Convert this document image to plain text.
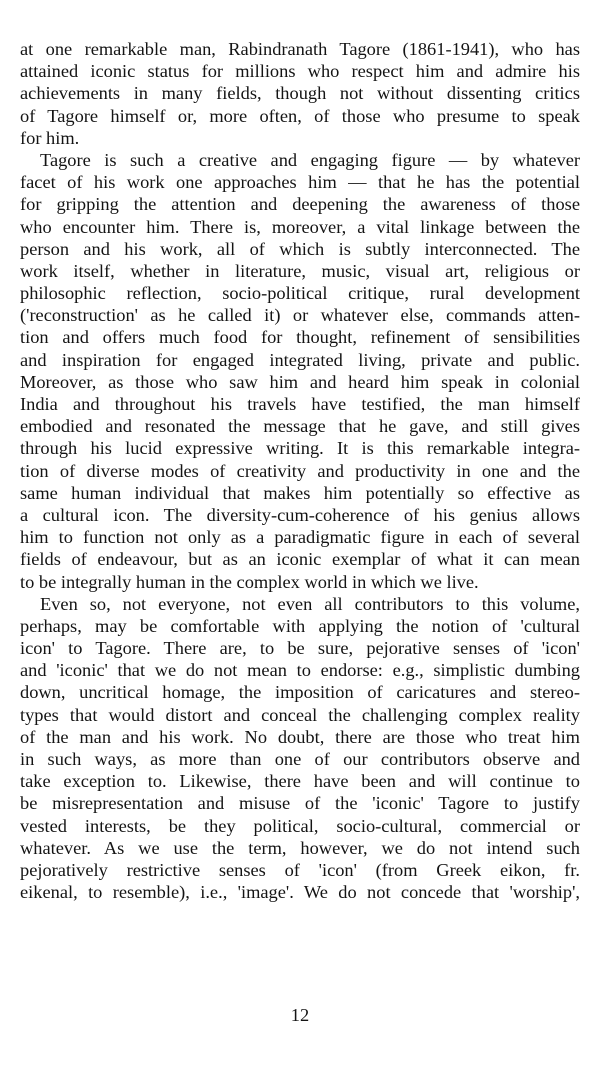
at one remarkable man, Rabindranath Tagore (1861-1941), who has
attained iconic status for millions who respect him and admire his
achievements in many fields, though not without dissenting critics
of Tagore himself or, more often, of those who presume to speak
for him.
Tagore is such a creative and engaging figure — by whatever
facet of his work one approaches him — that he has the potential
for gripping the attention and deepening the awareness of those
who encounter him. There is, moreover, a vital linkage between the
person and his work, all of which is subtly interconnected. The
work itself, whether in literature, music, visual art, religious or
philosophic reflection, socio-political critique, rural development
('reconstruction' as he called it) or whatever else, commands atten-
tion and offers much food for thought, refinement of sensibilities
and inspiration for engaged integrated living, private and public.
Moreover, as those who saw him and heard him speak in colonial
India and throughout his travels have testified, the man himself
embodied and resonated the message that he gave, and still gives
through his lucid expressive writing. It is this remarkable integra-
tion of diverse modes of creativity and productivity in one and the
same human individual that makes him potentially so effective as
a cultural icon. The diversity-cum-coherence of his genius allows
him to function not only as a paradigmatic figure in each of several
fields of endeavour, but as an iconic exemplar of what it can mean
to be integrally human in the complex world in which we live.
Even so, not everyone, not even all contributors to this volume,
perhaps, may be comfortable with applying the notion of 'cultural
icon' to Tagore. There are, to be sure, pejorative senses of 'icon'
and 'iconic' that we do not mean to endorse: e.g., simplistic dumbing
down, uncritical homage, the imposition of caricatures and stereo-
types that would distort and conceal the challenging complex reality
of the man and his work. No doubt, there are those who treat him
in such ways, as more than one of our contributors observe and
take exception to. Likewise, there have been and will continue to
be misrepresentation and misuse of the 'iconic' Tagore to justify
vested interests, be they political, socio-cultural, commercial or
whatever. As we use the term, however, we do not intend such
pejoratively restrictive senses of 'icon' (from Greek eikon, fr.
eikenal, to resemble), i.e., 'image'. We do not concede that 'worship',
12
